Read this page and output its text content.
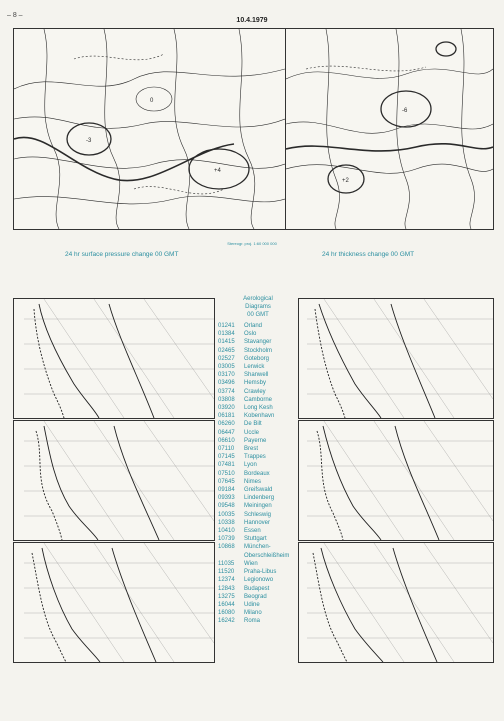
– 8 –
10.4.1979
-3
+4
0
-6
+2
Stereogr. proj. 1:60 000 000
24 hr surface pressure change 00 GMT	24 hr thickness change 00 GMT
Aerological
Diagrams
00 GMT
01241	Orland
01384	Oslo
01415	Stavanger
02465	Stockholm
02527	Goteborg
03005	Lerwick
03170	Shanwell
03496	Hemsby
03774	Crawley
03808	Camborne
03920	Long Kesh
06181	Kobenhavn
06260	De Bilt
06447	Uccle
06610	Payerne
07110	Brest
07145	Trappes
07481	Lyon
07510	Bordeaux
07645	Nimes
09184	Greifswald
09393	Lindenberg
09548	Meiningen
10035	Schleswig
10338	Hannover
10410	Essen
10739	Stuttgart
10868	München-
Oberschleißheim
11035	Wien
11520	Praha-Libus
12374	Legionowo
12843	Budapest
13275	Beograd
16044	Udine
16080	Milano
16242	Roma
